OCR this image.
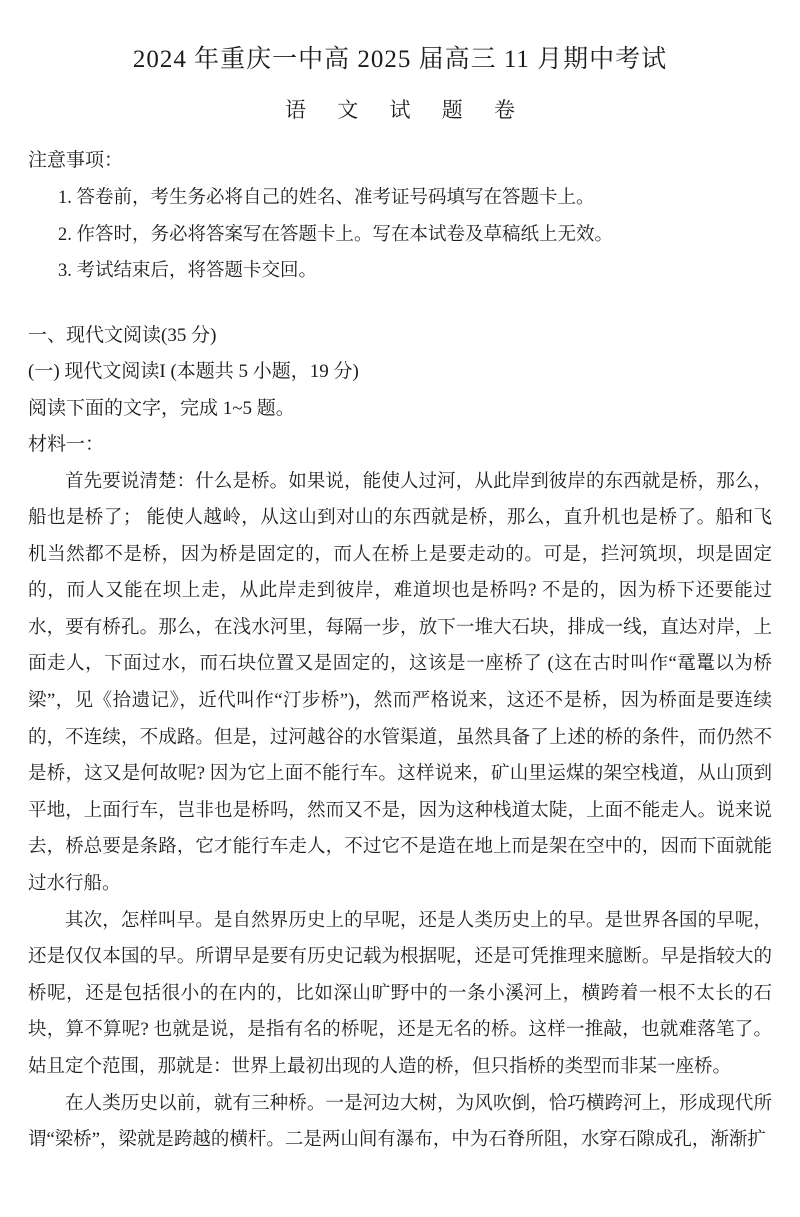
2024 年重庆一中高 2025 届高三 11 月期中考试
语 文 试 题 卷
注意事项：
1. 答卷前，考生务必将自己的姓名、准考证号码填写在答题卡上。
2. 作答时，务必将答案写在答题卡上。写在本试卷及草稿纸上无效。
3. 考试结束后，将答题卡交回。
一、现代文阅读(35 分)
(一) 现代文阅读I (本题共 5 小题，19 分)
阅读下面的文字，完成 1~5 题。
材料一：

首先要说清楚：什么是桥。如果说，能使人过河，从此岸到彼岸的东西就是桥，那么，船也是桥了； 能使人越岭，从这山到对山的东西就是桥，那么，直升机也是桥了。船和飞机当然都不是桥，因为桥是固定的，而人在桥上是要走动的。可是，拦河筑坝，坝是固定的，而人又能在坝上走，从此岸走到彼岸，难道坝也是桥吗? 不是的，因为桥下还要能过水，要有桥孔。那么，在浅水河里，每隔一步，放下一堆大石块，排成一线，直达对岸，上面走人，下面过水，而石块位置又是固定的，这该是一座桥了 (这在古时叫作“鼋鼍以为桥梁”，见《拾遗记》，近代叫作“汀步桥”)，然而严格说来，这还不是桥，因为桥面是要连续的，不连续，不成路。但是，过河越谷的水管渠道，虽然具备了上述的桥的条件，而仍然不是桥，这又是何故呢? 因为它上面不能行车。这样说来，矿山里运煤的架空栈道，从山顶到平地，上面行车，岂非也是桥吗，然而又不是，因为这种栈道太陡，上面不能走人。说来说去，桥总要是条路，它才能行车走人，不过它不是造在地上而是架在空中的，因而下面就能过水行船。

其次，怎样叫早。是自然界历史上的早呢，还是人类历史上的早。是世界各国的早呢，还是仅仅本国的早。所谓早是要有历史记载为根据呢，还是可凭推理来臆断。早是指较大的桥呢，还是包括很小的在内的，比如深山旷野中的一条小溪河上，横跨着一根不太长的石块，算不算呢? 也就是说，是指有名的桥呢，还是无名的桥。这样一推敲，也就难落笔了。姑且定个范围，那就是：世界上最初出现的人造的桥，但只指桥的类型而非某一座桥。

在人类历史以前，就有三种桥。一是河边大树，为风吹倒，恰巧横跨河上，形成现代所谓“梁桥”，梁就是跨越的横杆。二是两山间有瀑布，中为石脊所阻，水穿石隙成孔，渐渐扩
